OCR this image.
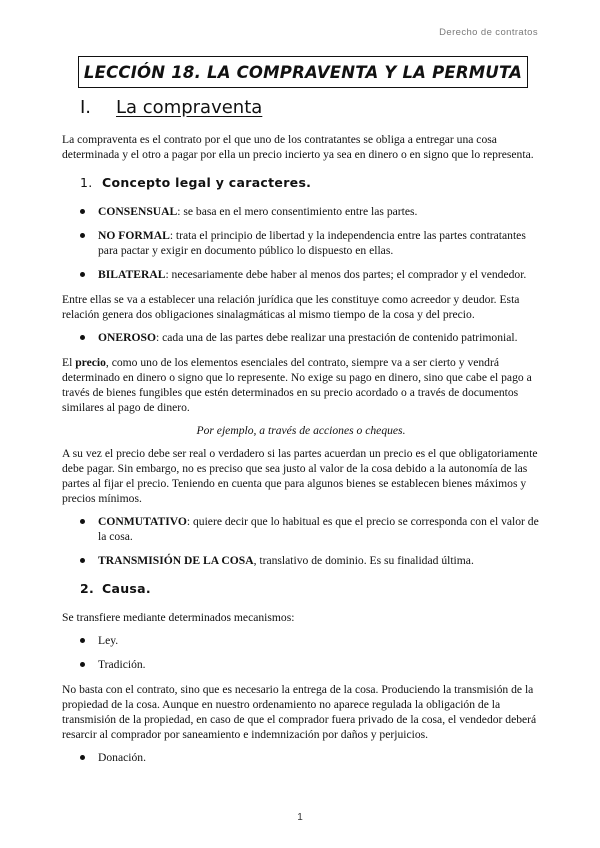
Derecho de contratos
LECCIÓN 18. LA COMPRAVENTA Y LA PERMUTA
I. La compraventa

La compraventa es el contrato por el que uno de los contratantes se obliga a entregar una cosa determinada y el otro a pagar por ella un precio incierto ya sea en dinero o en signo que lo representa.

1. Concepto legal y caracteres.
CONSENSUAL: se basa en el mero consentimiento entre las partes.
NO FORMAL: trata el principio de libertad y la independencia entre las partes contratantes para pactar y exigir en documento público lo dispuesto en ellas.
BILATERAL: necesariamente debe haber al menos dos partes; el comprador y el vendedor.

Entre ellas se va a establecer una relación jurídica que les constituye como acreedor y deudor. Esta relación genera dos obligaciones sinalagmáticas al mismo tiempo de la cosa y del precio.

ONEROSO: cada una de las partes debe realizar una prestación de contenido patrimonial.

El precio, como uno de los elementos esenciales del contrato, siempre va a ser cierto y vendrá determinado en dinero o signo que lo represente. No exige su pago en dinero, sino que cabe el pago a través de bienes fungibles que estén determinados en su precio acordado o a través de documentos similares al pago de dinero.

Por ejemplo, a través de acciones o cheques.

A su vez el precio debe ser real o verdadero si las partes acuerdan un precio es el que obligatoriamente debe pagar. Sin embargo, no es preciso que sea justo al valor de la cosa debido a la autonomía de las partes al fijar el precio. Teniendo en cuenta que para algunos bienes se establecen bienes máximos y precios mínimos.

CONMUTATIVO: quiere decir que lo habitual es que el precio se corresponda con el valor de la cosa.
TRANSMISIÓN DE LA COSA, translativo de dominio. Es su finalidad última.
2. Causa.

Se transfiere mediante determinados mecanismos:

Ley.
Tradición.

No basta con el contrato, sino que es necesario la entrega de la cosa. Produciendo la transmisión de la propiedad de la cosa. Aunque en nuestro ordenamiento no aparece regulada la obligación de la transmisión de la propiedad, en caso de que el comprador fuera privado de la cosa, el vendedor deberá resarcir al comprador por saneamiento e indemnización por daños y perjuicios.

Donación.
1
